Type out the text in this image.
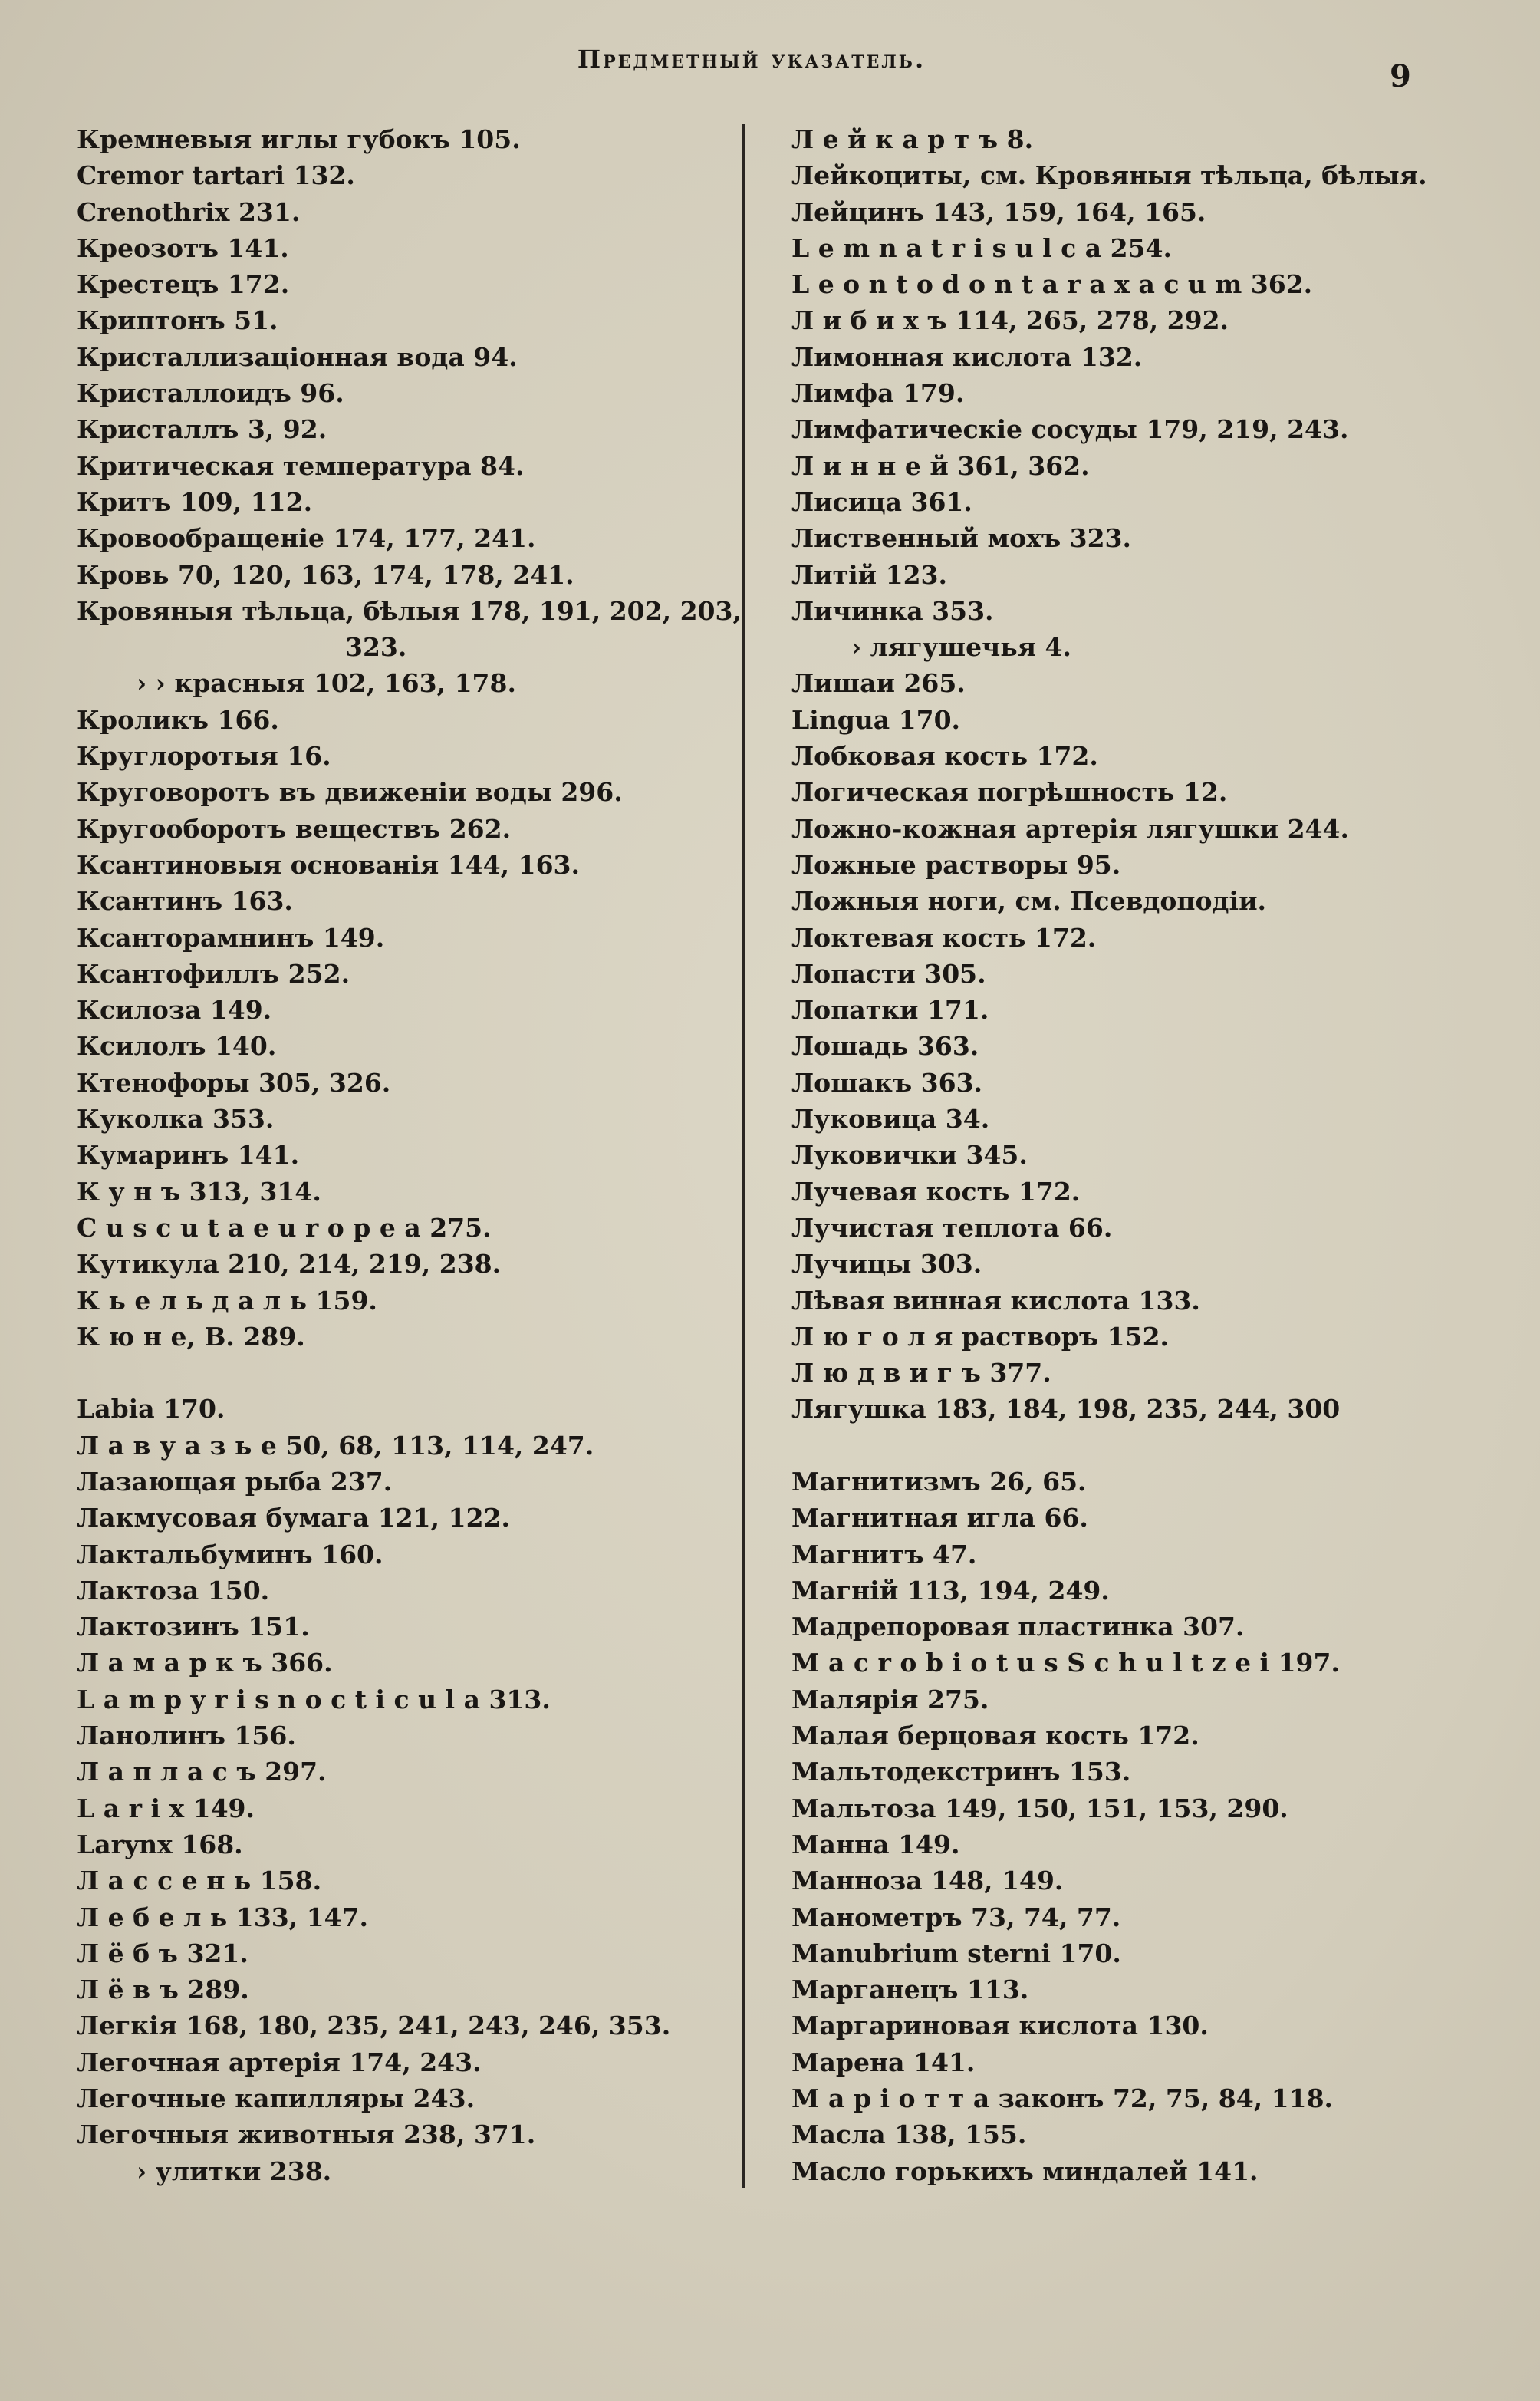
Предметный указатель.	9
Кремневыя иглы губокъ 105.
Cremor tartari 132.
Crenothrix 231.
Креозотъ 141.
Крестецъ 172.
Криптонъ 51.
Кристаллизаціонная вода 94.
Кристаллоидъ 96.
Кристаллъ 3, 92.
Критическая температура 84.
Критъ 109, 112.
Кровообращеніе 174, 177, 241.
Кровь 70, 120, 163, 174, 178, 241.
Кровяныя тѣльца, бѣлыя 178, 191, 202, 203,
323.
› › красныя 102, 163, 178.
Кроликъ 166.
Круглоротыя 16.
Круговоротъ въ движеніи воды 296.
Кругооборотъ веществъ 262.
Ксантиновыя основанія 144, 163.
Ксантинъ 163.
Ксанторамнинъ 149.
Ксантофиллъ 252.
Ксилоза 149.
Ксилолъ 140.
Ктенофоры 305, 326.
Куколка 353.
Кумаринъ 141.
К у н ъ 313, 314.
C u s c u t a e u r o p e a 275.
Кутикула 210, 214, 219, 238.
К ь е л ь д а л ь 159.
К ю н е, В. 289.
Labia 170.
Л а в у а з ь е 50, 68, 113, 114, 247.
Лазающая рыба 237.
Лакмусовая бумага 121, 122.
Лактальбуминъ 160.
Лактоза 150.
Лактозинъ 151.
Л а м а р к ъ 366.
L a m p y r i s n o c t i c u l a 313.
Ланолинъ 156.
Л а п л а с ъ 297.
L a r i x 149.
Larynx 168.
Л а с с е н ь 158.
Л е б е л ь 133, 147.
Л ё б ъ 321.
Л ё в ъ 289.
Легкія 168, 180, 235, 241, 243, 246, 353.
Легочная артерія 174, 243.
Легочные капилляры 243.
Легочныя животныя 238, 371.
› улитки 238.
Л е й к а р т ъ 8.
Лейкоциты, см. Кровяныя тѣльца, бѣлыя.
Лейцинъ 143, 159, 164, 165.
L e m n a t r i s u l c a 254.
L e o n t o d o n t a r a x a c u m 362.
Л и б и х ъ 114, 265, 278, 292.
Лимонная кислота 132.
Лимфа 179.
Лимфатическіе сосуды 179, 219, 243.
Л и н н е й 361, 362.
Лисица 361.
Лиственный мохъ 323.
Литій 123.
Личинка 353.
› лягушечья 4.
Лишаи 265.
Lingua 170.
Лобковая кость 172.
Логическая погрѣшность 12.
Ложно-кожная артерія лягушки 244.
Ложные растворы 95.
Ложныя ноги, см. Псевдоподіи.
Локтевая кость 172.
Лопасти 305.
Лопатки 171.
Лошадь 363.
Лошакъ 363.
Луковица 34.
Луковички 345.
Лучевая кость 172.
Лучистая теплота 66.
Лучицы 303.
Лѣвая винная кислота 133.
Л ю г о л я растворъ 152.
Л ю д в и г ъ 377.
Лягушка 183, 184, 198, 235, 244, 300
Магнитизмъ 26, 65.
Магнитная игла 66.
Магнитъ 47.
Магній 113, 194, 249.
Мадрепоровая пластинка 307.
M a c r o b i o t u s S c h u l t z e i 197.
Малярія 275.
Малая берцовая кость 172.
Мальтодекстринъ 153.
Мальтоза 149, 150, 151, 153, 290.
Манна 149.
Манноза 148, 149.
Манометръ 73, 74, 77.
Manubrium sterni 170.
Марганецъ 113.
Маргариновая кислота 130.
Марена 141.
М а р і о т т а законъ 72, 75, 84, 118.
Масла 138, 155.
Масло горькихъ миндалей 141.
